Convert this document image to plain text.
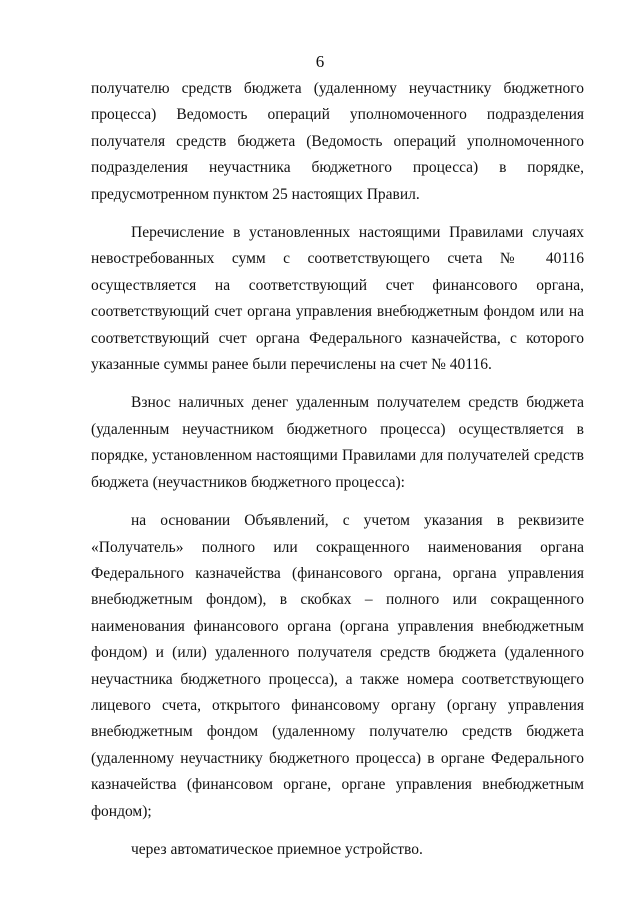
6

получателю средств бюджета (удаленному неучастнику бюджетного процесса) Ведомость операций уполномоченного подразделения получателя средств бюджета (Ведомость операций уполномоченного подразделения неучастника бюджетного процесса) в порядке, предусмотренном пунктом 25 настоящих Правил.

Перечисление в установленных настоящими Правилами случаях невостребованных сумм с соответствующего счета № 40116 осуществляется на соответствующий счет финансового органа, соответствующий счет органа управления внебюджетным фондом или на соответствующий счет органа Федерального казначейства, с которого указанные суммы ранее были перечислены на счет № 40116.

Взнос наличных денег удаленным получателем средств бюджета (удаленным неучастником бюджетного процесса) осуществляется в порядке, установленном настоящими Правилами для получателей средств бюджета (неучастников бюджетного процесса):

на основании Объявлений, с учетом указания в реквизите «Получатель» полного или сокращенного наименования органа Федерального казначейства (финансового органа, органа управления внебюджетным фондом), в скобках – полного или сокращенного наименования финансового органа (органа управления внебюджетным фондом) и (или) удаленного получателя средств бюджета (удаленного неучастника бюджетного процесса), а также номера соответствующего лицевого счета, открытого финансовому органу (органу управления внебюджетным фондом (удаленному получателю средств бюджета (удаленному неучастнику бюджетного процесса) в органе Федерального казначейства (финансовом органе, органе управления внебюджетным фондом);

через автоматическое приемное устройство.
